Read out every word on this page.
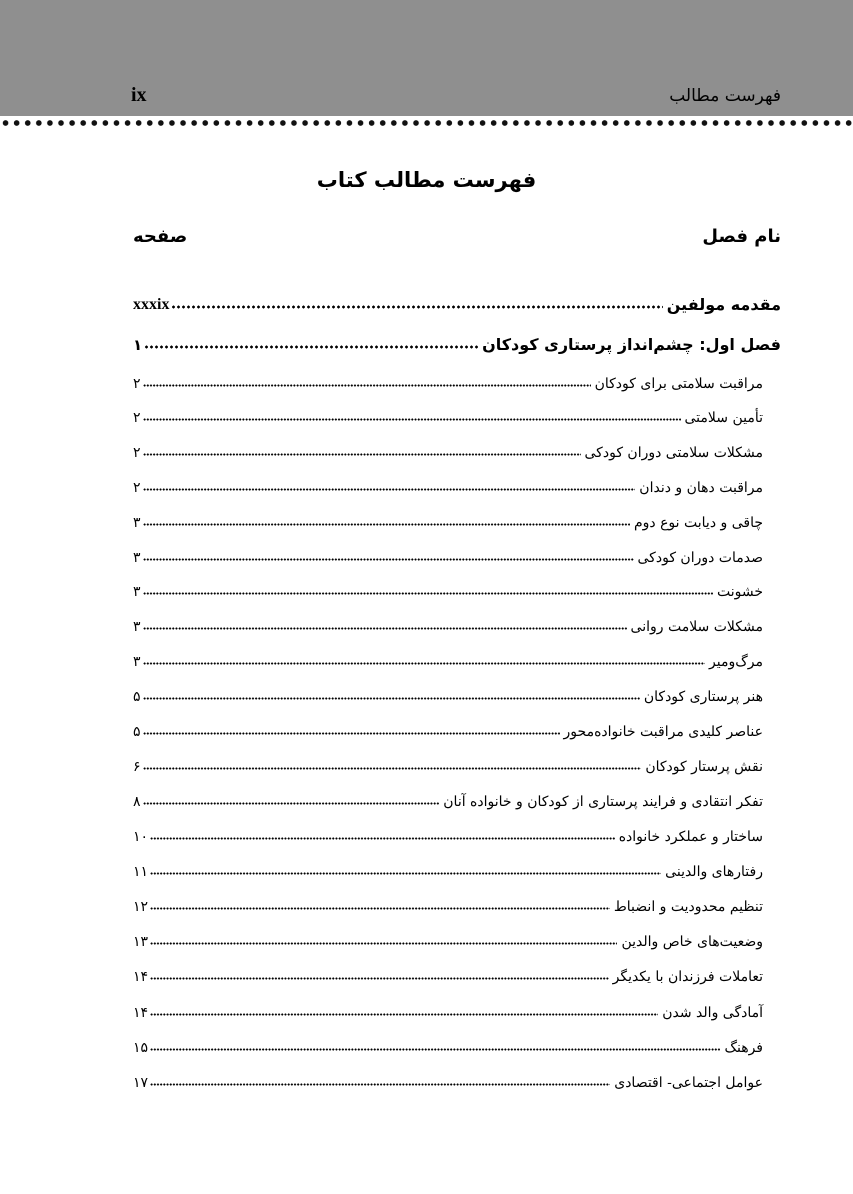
فهرست مطالب
ix
فهرست مطالب کتاب
نام فصل
صفحه
مقدمه مولفین
xxxix
فصل اول: چشم‌انداز پرستاری کودکان
۱
مراقبت سلامتی برای کودکان
۲
تأمین سلامتی
۲
مشکلات سلامتی دوران کودکی
۲
مراقبت دهان و دندان
۲
چاقی و دیابت نوع دوم
۳
صدمات دوران کودکی
۳
خشونت
۳
مشکلات سلامت روانی
۳
مرگ‌ومیر
۳
هنر پرستاری کودکان
۵
عناصر کلیدی مراقبت خانواده‌محور
۵
نقش پرستار کودکان
۶
تفکر انتقادی و فرایند پرستاری از کودکان و خانواده آنان
۸
ساختار و عملکرد خانواده
۱۰
رفتارهای والدینی
۱۱
تنظیم محدودیت و انضباط
۱۲
وضعیت‌های خاص والدین
۱۳
تعاملات فرزندان با یکدیگر
۱۴
آمادگی والد شدن
۱۴
فرهنگ
۱۵
عوامل اجتماعی- اقتصادی
۱۷
